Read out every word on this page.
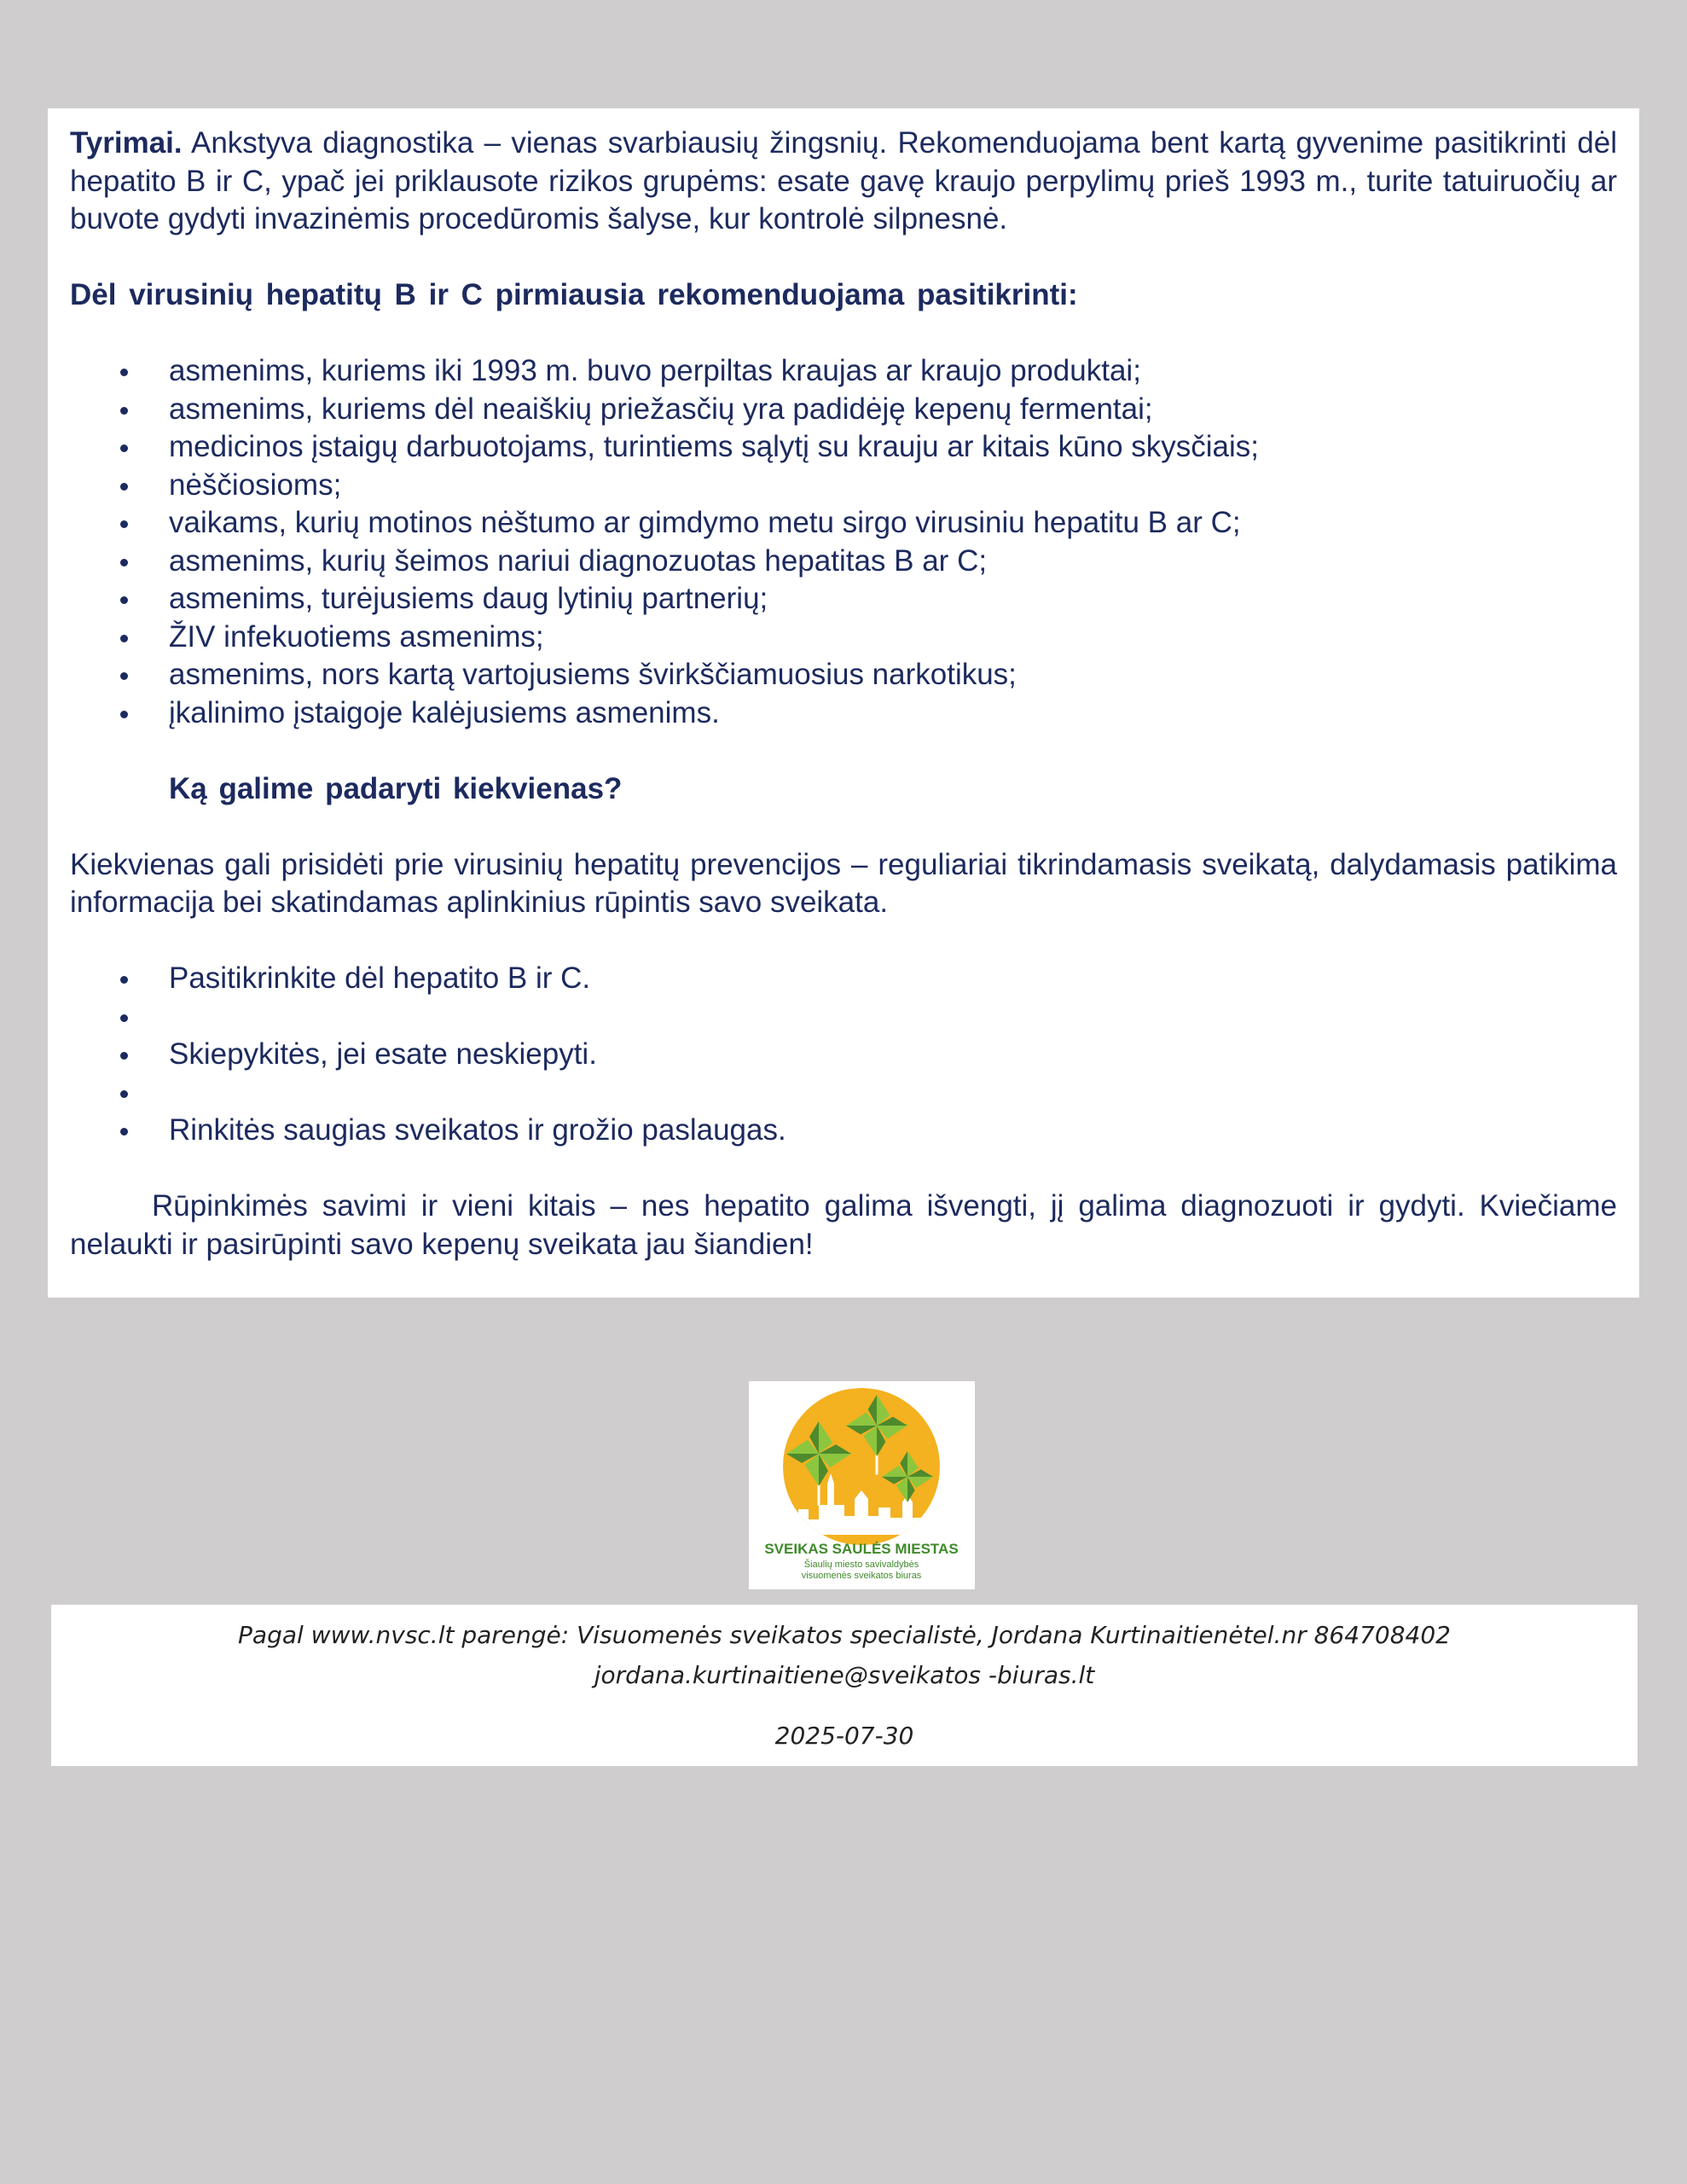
Tyrimai. Ankstyva diagnostika – vienas svarbiausių žingsnių. Rekomenduojama bent kartą gyvenime pasitikrinti dėl hepatito B ir C, ypač jei priklausote rizikos grupėms: esate gavę kraujo perpylimų prieš 1993 m., turite tatuiruočių ar buvote gydyti invazinėmis procedūromis šalyse, kur kontrolė silpnesnė.

Dėl virusinių hepatitų B ir C pirmiausia rekomenduojama pasitikrinti:

asmenims, kuriems iki 1993 m. buvo perpiltas kraujas ar kraujo produktai;
asmenims, kuriems dėl neaiškių priežasčių yra padidėję kepenų fermentai;
medicinos įstaigų darbuotojams, turintiems sąlytį su krauju ar kitais kūno skysčiais;
nėščiosioms;
vaikams, kurių motinos nėštumo ar gimdymo metu sirgo virusiniu hepatitu B ar C;
asmenims, kurių šeimos nariui diagnozuotas hepatitas B ar C;
asmenims, turėjusiems daug lytinių partnerių;
ŽIV infekuotiems asmenims;
asmenims, nors kartą vartojusiems švirkščiamuosius narkotikus;
įkalinimo įstaigoje kalėjusiems asmenims.

Ką galime padaryti kiekvienas?

Kiekvienas gali prisidėti prie virusinių hepatitų prevencijos – reguliariai tikrindamasis sveikatą, dalydamasis patikima informacija bei skatindamas aplinkinius rūpintis savo sveikata.

Pasitikrinkite dėl hepatito B ir C.
Skiepykitės, jei esate neskiepyti.
Rinkitės saugias sveikatos ir grožio paslaugas.

Rūpinkimės savimi ir vieni kitais – nes hepatito galima išvengti, jį galima diagnozuoti ir gydyti. Kviečiame nelaukti ir pasirūpinti savo kepenų sveikata jau šiandien!

SVEIKAS SAULĖS MIESTAS
Šiaulių miesto savivaldybės
visuomenės sveikatos biuras

Pagal www.nvsc.lt parengė: Visuomenės sveikatos specialistė, Jordana Kurtinaitienėtel.nr 864708402 jordana.kurtinaitiene@sveikatos -biuras.lt

2025-07-30
